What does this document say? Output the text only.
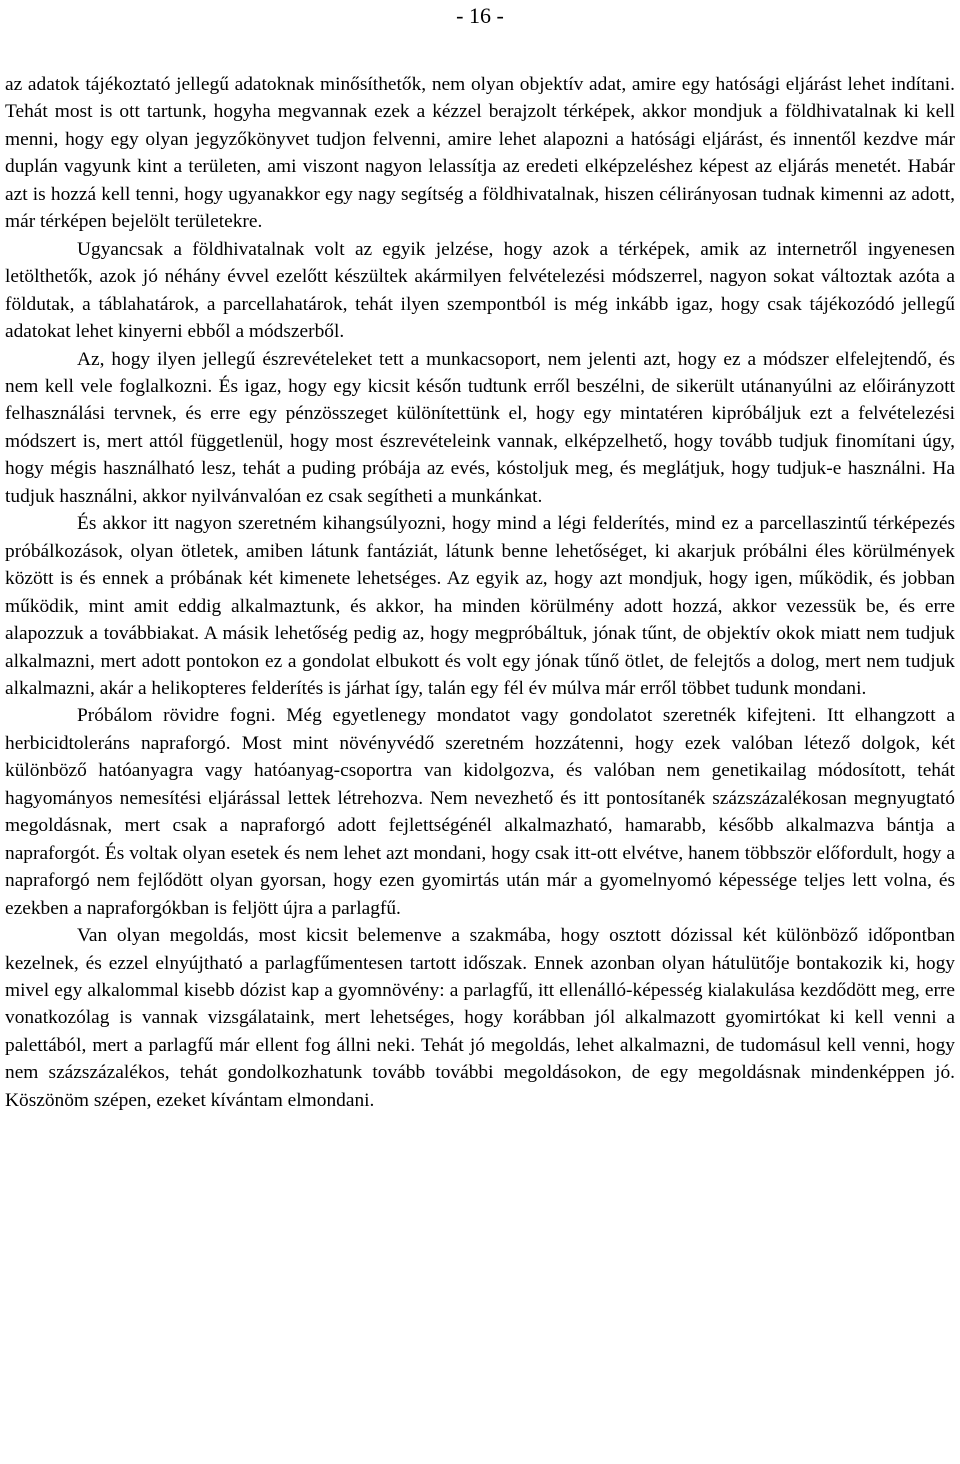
- 16 -

az adatok tájékoztató jellegű adatoknak minősíthetők, nem olyan objektív adat, amire egy hatósági eljárást lehet indítani. Tehát most is ott tartunk, hogyha megvannak ezek a kézzel berajzolt térképek, akkor mondjuk a földhivatalnak ki kell menni, hogy egy olyan jegyzőkönyvet tudjon felvenni, amire lehet alapozni a hatósági eljárást, és innentől kezdve már duplán vagyunk kint a területen, ami viszont nagyon lelassítja az eredeti elképzeléshez képest az eljárás menetét. Habár azt is hozzá kell tenni, hogy ugyanakkor egy nagy segítség a földhivatalnak, hiszen célirányosan tudnak kimenni az adott, már térképen bejelölt területekre.

Ugyancsak a földhivatalnak volt az egyik jelzése, hogy azok a térképek, amik az internetről ingyenesen letölthetők, azok jó néhány évvel ezelőtt készültek akármilyen felvételezési módszerrel, nagyon sokat változtak azóta a földutak, a táblahatárok, a parcellahatárok, tehát ilyen szempontból is még inkább igaz, hogy csak tájékozódó jellegű adatokat lehet kinyerni ebből a módszerből.

Az, hogy ilyen jellegű észrevételeket tett a munkacsoport, nem jelenti azt, hogy ez a módszer elfelejtendő, és nem kell vele foglalkozni. És igaz, hogy egy kicsit későn tudtunk erről beszélni, de sikerült utánanyúlni az előirányzott felhasználási tervnek, és erre egy pénzösszeget különítettünk el, hogy egy mintatéren kipróbáljuk ezt a felvételezési módszert is, mert attól függetlenül, hogy most észrevételeink vannak, elképzelhető, hogy tovább tudjuk finomítani úgy, hogy mégis használható lesz, tehát a puding próbája az evés, kóstoljuk meg, és meglátjuk, hogy tudjuk-e használni. Ha tudjuk használni, akkor nyilvánvalóan ez csak segítheti a munkánkat.

És akkor itt nagyon szeretném kihangsúlyozni, hogy mind a légi felderítés, mind ez a parcellaszintű térképezés próbálkozások, olyan ötletek, amiben látunk fantáziát, látunk benne lehetőséget, ki akarjuk próbálni éles körülmények között is és ennek a próbának két kimenete lehetséges. Az egyik az, hogy azt mondjuk, hogy igen, működik, és jobban működik, mint amit eddig alkalmaztunk, és akkor, ha minden körülmény adott hozzá, akkor vezessük be, és erre alapozzuk a továbbiakat. A másik lehetőség pedig az, hogy megpróbáltuk, jónak tűnt, de objektív okok miatt nem tudjuk alkalmazni, mert adott pontokon ez a gondolat elbukott és volt egy jónak tűnő ötlet, de felejtős a dolog, mert nem tudjuk alkalmazni, akár a helikopteres felderítés is járhat így, talán egy fél év múlva már erről többet tudunk mondani.

Próbálom rövidre fogni. Még egyetlenegy mondatot vagy gondolatot szeretnék kifejteni. Itt elhangzott a herbicidtoleráns napraforgó. Most mint növényvédő szeretném hozzátenni, hogy ezek valóban létező dolgok, két különböző hatóanyagra vagy hatóanyag-csoportra van kidolgozva, és valóban nem genetikailag módosított, tehát hagyományos nemesítési eljárással lettek létrehozva. Nem nevezhető és itt pontosítanék százszázalékosan megnyugtató megoldásnak, mert csak a napraforgó adott fejlettségénél alkalmazható, hamarabb, később alkalmazva bántja a napraforgót. És voltak olyan esetek és nem lehet azt mondani, hogy csak itt-ott elvétve, hanem többször előfordult, hogy a napraforgó nem fejlődött olyan gyorsan, hogy ezen gyomirtás után már a gyomelnyomó képessége teljes lett volna, és ezekben a napraforgókban is feljött újra a parlagfű.

Van olyan megoldás, most kicsit belemenve a szakmába, hogy osztott dózissal két különböző időpontban kezelnek, és ezzel elnyújtható a parlagfűmentesen tartott időszak. Ennek azonban olyan hátulütője bontakozik ki, hogy mivel egy alkalommal kisebb dózist kap a gyomnövény: a parlagfű, itt ellenálló-képesség kialakulása kezdődött meg, erre vonatkozólag is vannak vizsgálataink, mert lehetséges, hogy korábban jól alkalmazott gyomirtókat ki kell venni a palettából, mert a parlagfű már ellent fog állni neki. Tehát jó megoldás, lehet alkalmazni, de tudomásul kell venni, hogy nem százszázalékos, tehát gondolkozhatunk tovább további megoldásokon, de egy megoldásnak mindenképpen jó. Köszönöm szépen, ezeket kívántam elmondani.
